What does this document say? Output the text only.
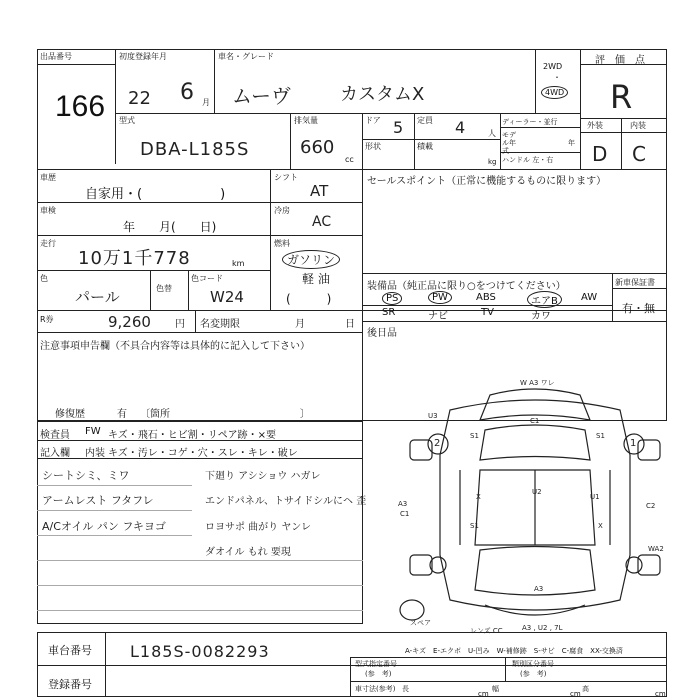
出品番号
166
初度登録年月
22 6 月
車名・グレード
ムーヴ	カスタムX
2WD
・
4WD
評　価　点
R
型式
DBA-L185S
排気量
660
cc
ドア 5 定員 4	人
形状	積載
kg
ディーラー・並行
モデル年式
年
ハンドル 左・右
外装	内装
D C
車歴
自家用・(　　　　　　)
シフト
AT
車検
年　　月(　　日)
冷房
AC
走行
10万1千778	km
燃料
ガソリン
軽 油
(　　　)
色
パール	色替
色コード
W24
R券	9,260 円 名変期限	月	日
セールスポイント（正常に機能するものに限ります）
装備品（純正品に限り○をつけてください）	新車保証書
有・無
PS	PW	ABS	エアB	AW
SR	ナビ	TV	カワ
後日品
注意事項申告欄（不具合内容等は具体的に記入して下さい）
修復歴	有 〔箇所　　　　　　　　　　　　　〕
検査員 FW キズ・飛石・ヒビ割・リペア跡・×要
記入欄 内装 キズ・汚レ・コゲ・穴・スレ・キレ・破レ
シートシミ、ミワ
アームレスト フタフレ
A/Cオイル パン フキヨゴ
下廻り アシショウ ハガレ
エンドパネル、トサイドシルにヘ 歪
ロヨサポ 曲がり ヤンレ
ダオイル もれ 要現
W A3 ワレ
U3
S1
C1
S1
2	1
U2
X	U1
A3
C1
C2
S1	X
WA2
A3
スペア
レンズ CC	A3 , U2 , 7L
A-キズ　E-エクボ　U-凹み　W-補修跡　S-サビ　C-腐食　XX-交換済
車台番号 L185S-0082293
登録番号
型式指定番号
(参　考)
類別区分番号
(参　考)
車寸法(参考) 長
cm
幅
cm
高
cm
